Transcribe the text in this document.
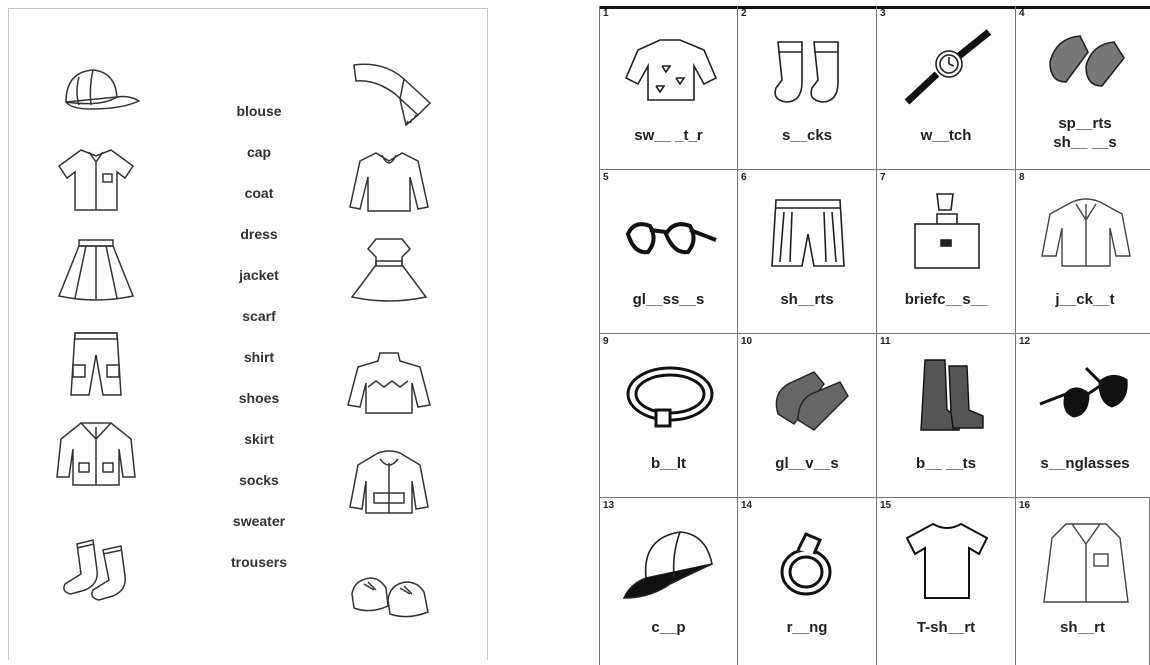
blouse
cap
coat
dress
jacket
scarf
shirt
shoes
skirt
socks
sweater
trousers
1
sw__ _t_r
2
s__cks
3
w__tch
4
sp__rts
sh__ __s
5
gl__ss__s
6
sh__rts
7
briefc__s__
8
j__ck__t
9
b__lt
10
gl__v__s
11
b__ __ts
12
s__nglasses
13
c__p
14
r__ng
15
T-sh__rt
16
sh__rt
